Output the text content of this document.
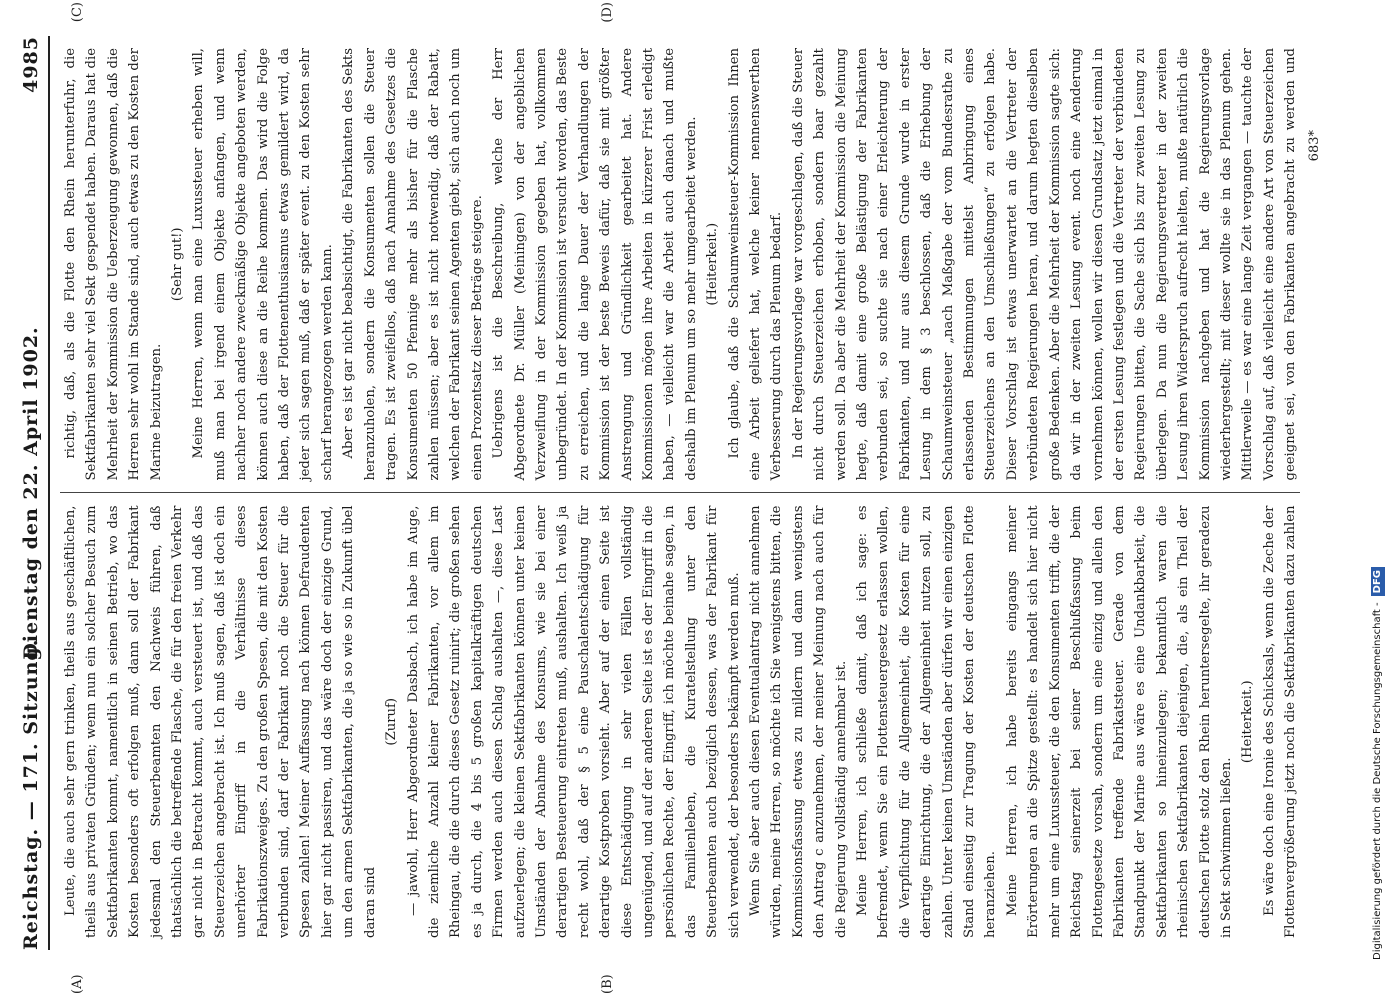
Reichstag. — 171. Sitzung.
Dienstag den 22. April 1902.
4985
(A)	(B)
(C)	(D)

Leute, die auch sehr gern trinken, theils aus geschäftlichen, theils aus privaten Gründen; wenn nun ein solcher Besuch zum Sektfabrikanten kommt, namentlich in seinen Betrieb, wo das Kosten besonders oft erfolgen muß, dann soll der Fabrikant jedesmal den Steuerbeamten den Nachweis führen, daß thatsächlich die betreffende Flasche, die für den freien Verkehr gar nicht in Betracht kommt, auch versteuert ist, und daß das Steuerzeichen angebracht ist. Ich muß sagen, daß ist doch ein unerhörter Eingriff in die Verhältnisse dieses Fabrikationszweiges. Zu den großen Spesen, die mit den Kosten verbunden sind, darf der Fabrikant noch die Steuer für die Spesen zahlen! Meiner Auffassung nach können Defraudenten hier gar nicht passiren, und das wäre doch der einzige Grund, um den armen Sektfabrikanten, die ja so wie so in Zukunft übel daran sind

(Zuruf) — jawohl, Herr Abgeordneter Dasbach, ich habe im Auge, die ziemliche Anzahl kleiner Fabrikanten, vor allem im Rheingau, die die durch dieses Gesetz ruinirt; die großen sehen es ja durch, die 4 bis 5 großen kapitalkräftigen deutschen Firmen werden auch diesen Schlag aushalten —, diese Last aufzuerlegen; die kleinen Sektfabrikanten können unter keinen Umständen der Abnahme des Konsums, wie sie bei einer derartigen Besteuerung eintreten muß, aushalten. Ich weiß ja recht wohl, daß der § 5 eine Pauschalentschädigung für derartige Kostproben vorsieht. Aber auf der einen Seite ist diese Entschädigung in sehr vielen Fällen vollständig ungenügend, und auf der anderen Seite ist es der Eingriff in die persönlichen Rechte, der Eingriff, ich möchte beinahe sagen, in das Familienleben, die Kuratelstellung unter den Steuerbeamten auch bezüglich dessen, was der Fabrikant für sich verwendet, der besonders bekämpft werden muß. Wenn Sie aber auch diesen Eventualantrag nicht annehmen würden, meine Herren, so möchte ich Sie wenigstens bitten, die Kommissionsfassung etwas zu mildern und dann wenigstens den Antrag c anzunehmen, der meiner Meinung nach auch für die Regierung vollständig annehmbar ist. Meine Herren, ich schließe damit, daß ich sage: es befremdet, wenn Sie ein Flottensteuergesetz erlassen wollen, die Verpflichtung für die Allgemeinheit, die Kosten für eine derartige Einrichtung, die der Allgemeinheit nutzen soll, zu zahlen. Unter keinen Umständen aber dürfen wir einen einzigen Stand einseitig zur Tragung der Kosten der deutschen Flotte heranziehen. Meine Herren, ich habe bereits eingangs meiner Erörterungen an die Spitze gestellt: es handelt sich hier nicht mehr um eine Luxussteuer, die den Konsumenten trifft, die der Reichstag seinerzeit bei seiner Beschlußfassung beim Flottengesetze vorsah, sondern um eine einzig und allein den Fabrikanten treffende Fabrikatsteuer. Gerade von dem Standpunkt der Marine aus wäre es eine Undankbarkeit, die Sektfabrikanten so hineinzulegen; bekanntlich waren die rheinischen Sektfabrikanten diejenigen, die, als ein Theil der deutschen Flotte stolz den Rhein heruntersegelte, ihr geradezu in Sekt schwimmen ließen.

(Heiterkeit.)

Es wäre doch eine Ironie des Schicksals, wenn die Zeche der Flottenvergrößerung jetzt noch die Sektfabrikanten dazu zahlen

richtig, daß, als die Flotte den Rhein herunterfuhr, die Sektfabrikanten sehr viel Sekt gespendet haben. Daraus hat die Mehrheit der Kommission die Ueberzeugung gewonnen, daß die Herren sehr wohl im Stande sind, auch etwas zu den Kosten der Marine beizutragen.

(Sehr gut!) Meine Herren, wenn man eine Luxussteuer erheben will, muß man bei irgend einem Objekte anfangen, und wenn nachher noch andere zweckmäßige Objekte angeboten werden, können auch diese an die Reihe kommen. Das wird die Folge haben, daß der Flottenenthusiasmus etwas gemildert wird, da jeder sich sagen muß, daß er später event. zu den Kosten sehr scharf herangezogen werden kann. Aber es ist gar nicht beabsichtigt, die Fabrikanten des Sekts heranzuholen, sondern die Konsumenten sollen die Steuer tragen. Es ist zweifellos, daß nach Annahme des Gesetzes die Konsumenten 50 Pfennige mehr als bisher für die Flasche zahlen müssen; aber es ist nicht notwendig, daß der Rabatt, welchen der Fabrikant seinen Agenten giebt, sich auch noch um einen Prozentsatz dieser Beträge steigere. Uebrigens ist die Beschreibung, welche der Herr Abgeordnete Dr. Müller (Meiningen) von der angeblichen Verzweiflung in der Kommission gegeben hat, vollkommen unbegründet. In der Kommission ist versucht worden, das Beste zu erreichen, und die lange Dauer der Verhandlungen der Kommission ist der beste Beweis dafür, daß sie mit größter Anstrengung und Gründlichkeit gearbeitet hat. Andere Kommissionen mögen ihre Arbeiten in kürzerer Frist erledigt haben, — vielleicht war die Arbeit auch danach und mußte deshalb im Plenum um so mehr umgearbeitet werden. (Heiterkeit.) Ich glaube, daß die Schaumweinsteuer-Kommission Ihnen eine Arbeit geliefert hat, welche keiner nennenswerthen Verbesserung durch das Plenum bedarf. In der Regierungsvorlage war vorgeschlagen, daß die Steuer nicht durch Steuerzeichen erhoben, sondern baar gezahlt werden soll. Da aber die Mehrheit der Kommission die Meinung hegte, daß damit eine große Belästigung der Fabrikanten verbunden sei, so suchte sie nach einer Erleichterung der Fabrikanten, und nur aus diesem Grunde wurde in erster Lesung in dem § 3 beschlossen, daß die Erhebung der Schaumweinsteuer „nach Maßgabe der vom Bundesrathe zu erlassenden Bestimmungen mittelst Anbringung eines Steuerzeichens an den Umschließungen“ zu erfolgen habe. Dieser Vorschlag ist etwas unerwartet an die Vertreter der verbündeten Regierungen heran, und darum hegten dieselben große Bedenken. Aber die Mehrheit der Kommission sagte sich: da wir in der zweiten Lesung event. noch eine Aenderung vornehmen können, wollen wir diesen Grundsatz jetzt einmal in der ersten Lesung festlegen und die Vertreter der verbündeten Regierungen bitten, die Sache sich bis zur zweiten Lesung zu überlegen. Da nun die Regierungsvertreter in der zweiten Lesung ihren Widerspruch aufrecht hielten, mußte natürlich die Kommission nachgeben und hat die Regierungsvorlage wiederhergestellt; mit dieser wollte sie in das Plenum gehen. Mittlerweile — es war eine lange Zeit vergangen — tauchte der Vorschlag auf, daß vielleicht eine andere Art von Steuerzeichen geeignet sei, von den Fabrikanten angebracht zu werden und

683*
Digitalisierung gefördert durch die Deutsche Forschungsgemeinschaft -DFG
